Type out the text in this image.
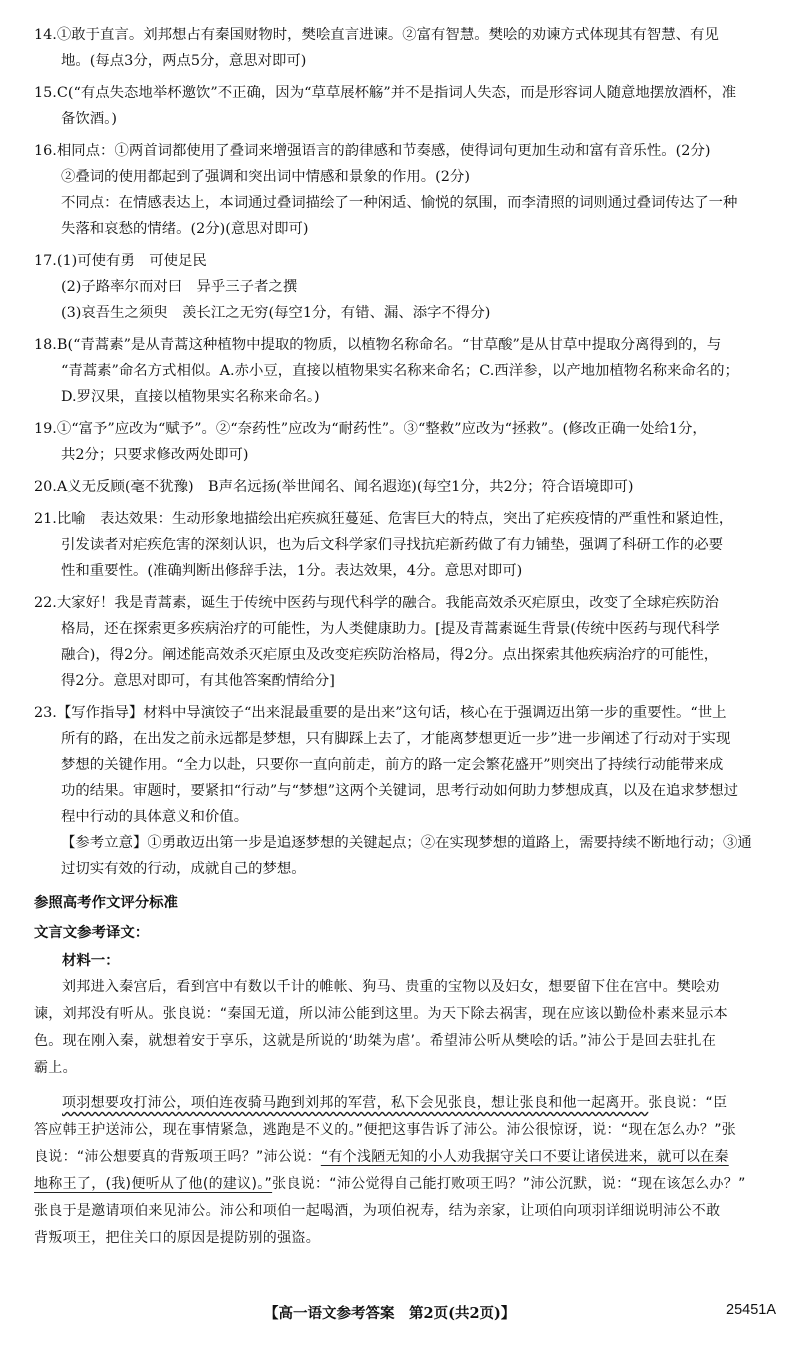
14.①敢于直言。刘邦想占有秦国财物时，樊哙直言进谏。②富有智慧。樊哙的劝谏方式体现其有智慧、有见
地。(每点3分，两点5分，意思对即可)
15.C(“有点失态地举杯邀饮”不正确，因为“草草展杯觞”并不是指词人失态，而是形容词人随意地摆放酒杯，准
备饮酒。)
16.相同点：①两首词都使用了叠词来增强语言的韵律感和节奏感，使得词句更加生动和富有音乐性。(2分)
②叠词的使用都起到了强调和突出词中情感和景象的作用。(2分)
不同点：在情感表达上，本词通过叠词描绘了一种闲适、愉悦的氛围，而李清照的词则通过叠词传达了一种
失落和哀愁的情绪。(2分)(意思对即可)
17.(1)可使有勇　可使足民
(2)子路率尔而对曰　异乎三子者之撰
(3)哀吾生之须臾　羡长江之无穷(每空1分，有错、漏、添字不得分)
18.B(“青蒿素”是从青蒿这种植物中提取的物质，以植物名称命名。“甘草酸”是从甘草中提取分离得到的，与
“青蒿素”命名方式相似。A.赤小豆，直接以植物果实名称来命名；C.西洋参，以产地加植物名称来命名的；
D.罗汉果，直接以植物果实名称来命名。)
19.①“富予”应改为“赋予”。②“奈药性”应改为“耐药性”。③“整救”应改为“拯救”。(修改正确一处给1分，
共2分；只要求修改两处即可)
20.A义无反顾(毫不犹豫)　B声名远扬(举世闻名、闻名遐迩)(每空1分，共2分；符合语境即可)
21.比喻　表达效果：生动形象地描绘出疟疾疯狂蔓延、危害巨大的特点，突出了疟疾疫情的严重性和紧迫性，
引发读者对疟疾危害的深刻认识，也为后文科学家们寻找抗疟新药做了有力铺垫，强调了科研工作的必要
性和重要性。(准确判断出修辞手法，1分。表达效果，4分。意思对即可)
22.大家好！我是青蒿素，诞生于传统中医药与现代科学的融合。我能高效杀灭疟原虫，改变了全球疟疾防治
格局，还在探索更多疾病治疗的可能性，为人类健康助力。[提及青蒿素诞生背景(传统中医药与现代科学
融合)，得2分。阐述能高效杀灭疟原虫及改变疟疾防治格局，得2分。点出探索其他疾病治疗的可能性，
得2分。意思对即可，有其他答案酌情给分]
23.【写作指导】材料中导演饺子“出来混最重要的是出来”这句话，核心在于强调迈出第一步的重要性。“世上
所有的路，在出发之前永远都是梦想，只有脚踩上去了，才能离梦想更近一步”进一步阐述了行动对于实现
梦想的关键作用。“全力以赴，只要你一直向前走，前方的路一定会繁花盛开”则突出了持续行动能带来成
功的结果。审题时，要紧扣“行动”与“梦想”这两个关键词，思考行动如何助力梦想成真，以及在追求梦想过
程中行动的具体意义和价值。
【参考立意】①勇敢迈出第一步是追逐梦想的关键起点；②在实现梦想的道路上，需要持续不断地行动；③通
过切实有效的行动，成就自己的梦想。
参照高考作文评分标准
文言文参考译文：
材料一：
刘邦进入秦宫后，看到宫中有数以千计的帷帐、狗马、贵重的宝物以及妇女，想要留下住在宫中。樊哙劝
谏，刘邦没有听从。张良说：“秦国无道，所以沛公能到这里。为天下除去祸害，现在应该以勤俭朴素来显示本
色。现在刚入秦，就想着安于享乐，这就是所说的‘助桀为虐’。希望沛公听从樊哙的话。”沛公于是回去驻扎在
霸上。
项羽想要攻打沛公，项伯连夜骑马跑到刘邦的军营，私下会见张良，想让张良和他一起离开。张良说：“臣
答应韩王护送沛公，现在事情紧急，逃跑是不义的。”便把这事告诉了沛公。沛公很惊讶，说：“现在怎么办？”张
良说：“沛公想要真的背叛项王吗？”沛公说：“有个浅陋无知的小人劝我据守关口不要让诸侯进来，就可以在秦
地称王了，(我)便听从了他(的建议)。”张良说：“沛公觉得自己能打败项王吗？”沛公沉默，说：“现在该怎么办？”
张良于是邀请项伯来见沛公。沛公和项伯一起喝酒，为项伯祝寿，结为亲家，让项伯向项羽详细说明沛公不敢
背叛项王，把住关口的原因是提防别的强盗。
【高一语文参考答案　第2页(共2页)】	25451A
